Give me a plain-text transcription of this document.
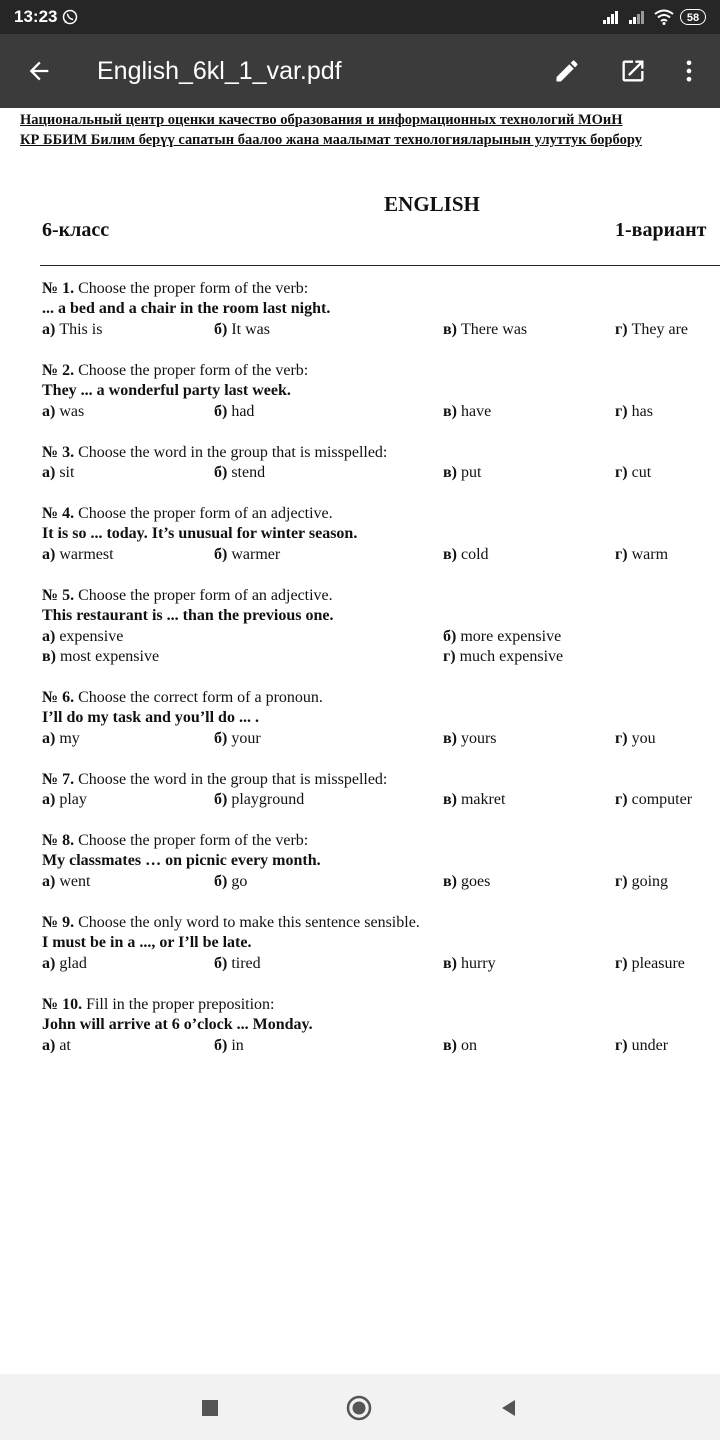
13:23	58
English_6kl_1_var.pdf
Национальный центр оценки качество образования и информационных технологий МОиН
КР ББИМ Билим берүү сапатын баалоо жана маалымат технологияларынын улуттук борбору
ENGLISH
6-класс	1-вариант
№ 1. Choose the proper form of the verb:
... a bed and a chair in the room last night.
а) This is	б) It was	в) There was	г) They are
№ 2. Choose the proper form of the verb:
They ... a wonderful party last week.
а) was	б) had	в) have	г) has
№ 3. Choose the word in the group that is misspelled:
а) sit	б) stend	в) put	г) cut
№ 4. Choose the proper form of an adjective.
It is so ... today. It’s unusual for winter season.
а) warmest	б) warmer	в) cold	г) warm
№ 5. Choose the proper form of an adjective.
This restaurant is ... than the previous one.
а) expensive	б) more expensive
в) most expensive	г) much expensive
№ 6. Choose the correct form of a pronoun.
I’ll do my task and you’ll do ... .
а) my	б) your	в) yours	г) you
№ 7. Choose the word in the group that is misspelled:
а) play	б) playground	в) makret	г) computer
№ 8. Choose the proper form of the verb:
My classmates … on picnic every month.
а) went	б) go	в) goes	г) going
№ 9. Choose the only word to make this sentence sensible.
I must be in a ..., or I’ll be late.
а) glad	б) tired	в) hurry	г) pleasure
№ 10. Fill in the proper preposition:
John will arrive at 6 o’clock ... Monday.
а) at	б) in	в) on	г) under
